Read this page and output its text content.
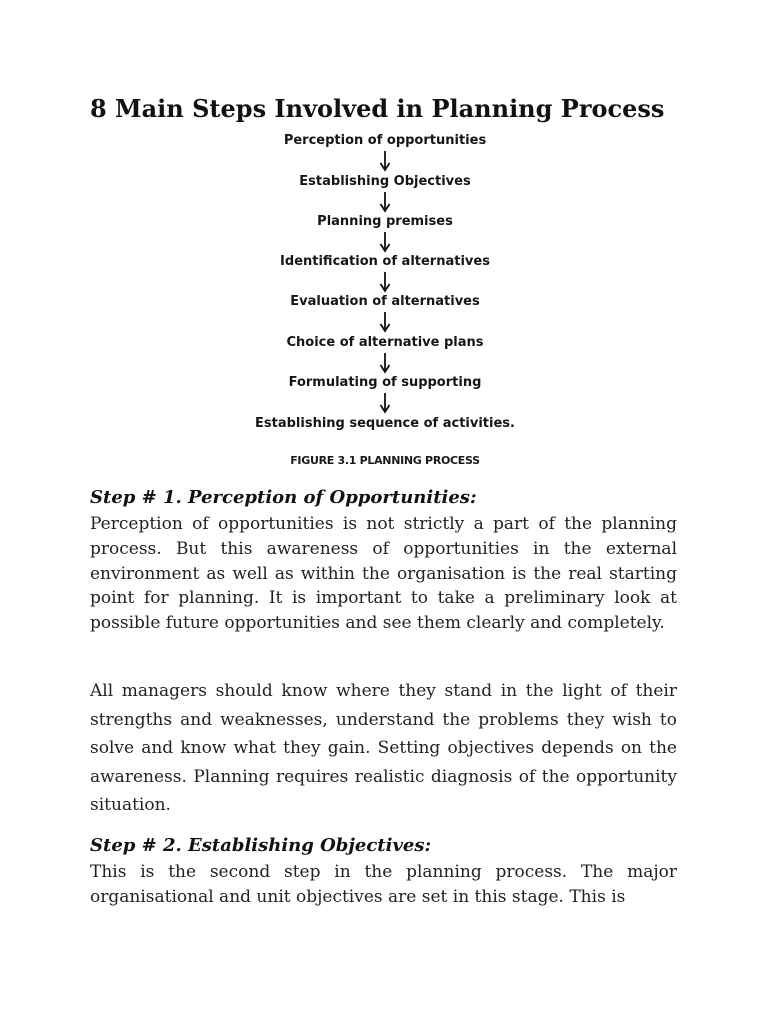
8 Main Steps Involved in Planning Process
Perception of opportunities
Establishing Objectives
Planning premises
Identification of alternatives
Evaluation of alternatives
Choice of alternative plans
Formulating of supporting
Establishing sequence of activities.
FIGURE 3.1 PLANNING PROCESS
Step # 1. Perception of Opportunities:

Perception of opportunities is not strictly a part of the planning process. But this awareness of opportunities in the external environment as well as within the organisation is the real starting point for planning. It is important to take a preliminary look at possible future opportunities and see them clearly and completely.

All managers should know where they stand in the light of their strengths and weaknesses, understand the problems they wish to solve and know what they gain. Setting objectives depends on the awareness. Planning requires realistic diagnosis of the opportunity situation.

Step # 2. Establishing Objectives:

This is the second step in the planning process. The major organisational and unit objectives are set in this stage. This is
